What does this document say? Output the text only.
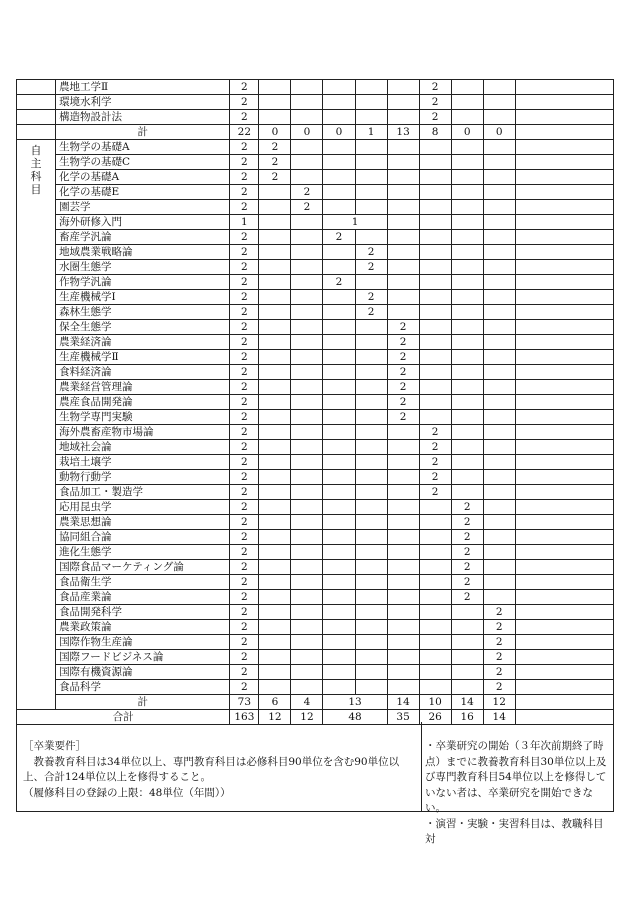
	農地工学Ⅱ	2						2			
	環境水利学	2						2			
	構造物設計法	2						2			
	計	22	0	0	0	1	13	8	0	0	

自
主
科
目	生物学の基礎A	2	2								
	生物学の基礎C	2	2								
	化学の基礎A	2	2								
	化学の基礎E	2		2							
	園芸学	2		2							
	海外研修入門	1			1						
	畜産学汎論	2			2						
	地域農業戦略論	2				2					
	水圏生態学	2				2					
	作物学汎論	2			2						
	生産機械学Ⅰ	2				2					
	森林生態学	2				2					
	保全生態学	2					2				
	農業経済論	2					2				
	生産機械学Ⅱ	2					2				
	食料経済論	2					2				
	農業経営管理論	2					2				
	農産食品開発論	2					2				
	生物学専門実験	2					2				
	海外農畜産物市場論	2						2			
	地域社会論	2						2			
	栽培土壌学	2						2			
	動物行動学	2						2			
	食品加工・製造学	2						2			
	応用昆虫学	2							2		
	農業思想論	2							2		
	協同組合論	2							2		
	進化生態学	2							2		
	国際食品マーケティング論	2							2		
	食品衛生学	2							2		
	食品産業論	2							2		
	食品開発科学	2								2	
	農業政策論	2								2	
	国際作物生産論	2								2	
	国際フードビジネス論	2								2	
	国際有機資源論	2								2	
	食品科学	2								2	
	計	73	6	4	13		14	10	14	12	
合計		163	12	12	48		35	26	16	14	

［卒業要件］

　教養教育科目は34単位以上、専門教育科目は必修科目90単位を含む90単位以

上、合計124単位以上を修得すること。

（履修科目の登録の上限：48単位（年間））

・卒業研究の開始（３年次前期終了時

点）までに教養教育科目30単位以上及

び専門教育科目54単位以上を修得して

いない者は、卒業研究を開始できない。

・演習・実験・実習科目は、教職科目対
